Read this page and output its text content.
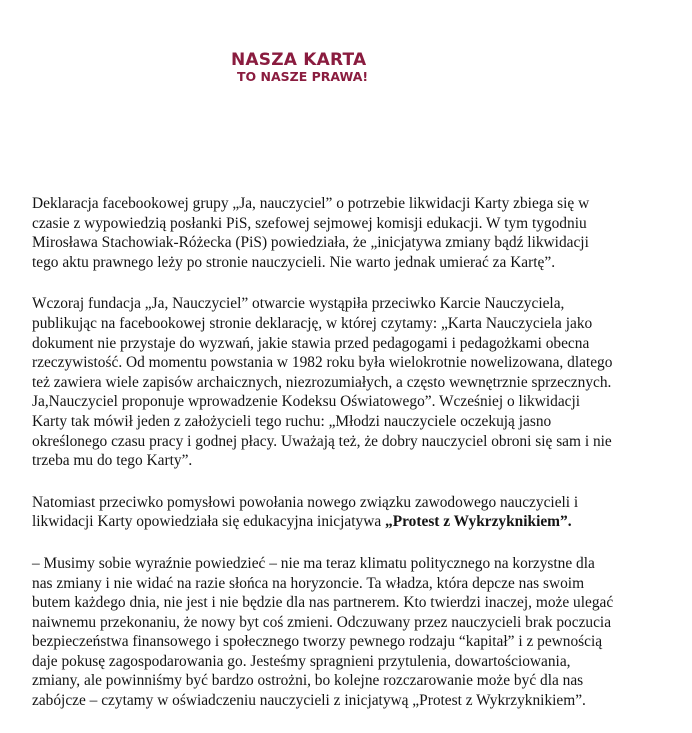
NASZA KARTA
TO NASZE PRAWA!

Deklaracja facebookowej grupy „Ja, nauczyciel” o potrzebie likwidacji Karty zbiega się w
czasie z wypowiedzią posłanki PiS, szefowej sejmowej komisji edukacji. W tym tygodniu
Mirosława Stachowiak-Różecka (PiS) powiedziała, że „inicjatywa zmiany bądź likwidacji
tego aktu prawnego leży po stronie nauczycieli. Nie warto jednak umierać za Kartę”.

Wczoraj fundacja „Ja, Nauczyciel” otwarcie wystąpiła przeciwko Karcie Nauczyciela,
publikując na facebookowej stronie deklarację, w której czytamy: „Karta Nauczyciela jako
dokument nie przystaje do wyzwań, jakie stawia przed pedagogami i pedagożkami obecna
rzeczywistość. Od momentu powstania w 1982 roku była wielokrotnie nowelizowana, dlatego
też zawiera wiele zapisów archaicznych, niezrozumiałych, a często wewnętrznie sprzecznych.
Ja,Nauczyciel proponuje wprowadzenie Kodeksu Oświatowego”. Wcześniej o likwidacji
Karty tak mówił jeden z założycieli tego ruchu: „Młodzi nauczyciele oczekują jasno
określonego czasu pracy i godnej płacy. Uważają też, że dobry nauczyciel obroni się sam i nie
trzeba mu do tego Karty”.

Natomiast przeciwko pomysłowi powołania nowego związku zawodowego nauczycieli i
likwidacji Karty opowiedziała się edukacyjna inicjatywa „Protest z Wykrzyknikiem”.

– Musimy sobie wyraźnie powiedzieć – nie ma teraz klimatu politycznego na korzystne dla
nas zmiany i nie widać na razie słońca na horyzoncie. Ta władza, która depcze nas swoim
butem każdego dnia, nie jest i nie będzie dla nas partnerem. Kto twierdzi inaczej, może ulegać
naiwnemu przekonaniu, że nowy byt coś zmieni. Odczuwany przez nauczycieli brak poczucia
bezpieczeństwa finansowego i społecznego tworzy pewnego rodzaju “kapitał” i z pewnością
daje pokusę zagospodarowania go. Jesteśmy spragnieni przytulenia, dowartościowania,
zmiany, ale powinniśmy być bardzo ostrożni, bo kolejne rozczarowanie może być dla nas
zabójcze – czytamy w oświadczeniu nauczycieli z inicjatywą „Protest z Wykrzyknikiem”.
